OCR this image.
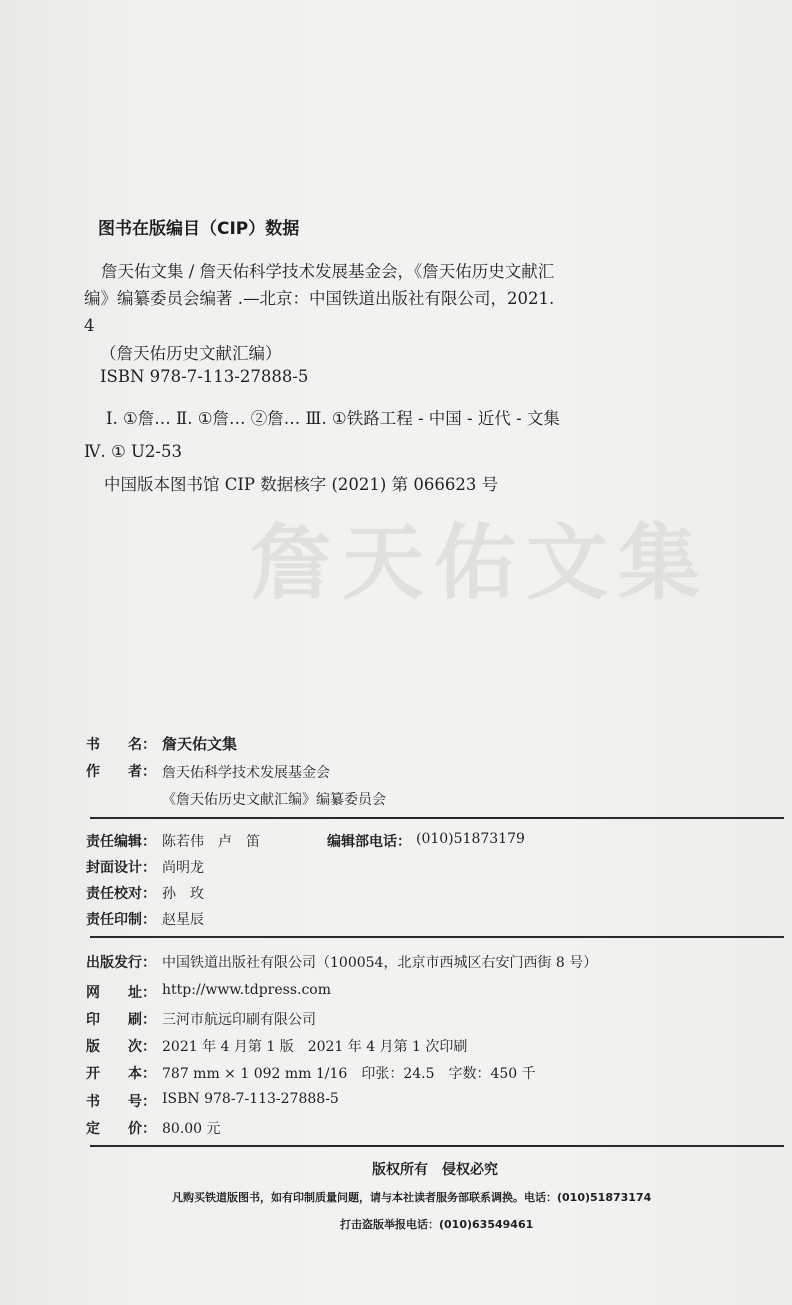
詹天佑文集
图书在版编目（CIP）数据
詹天佑文集 / 詹天佑科学技术发展基金会，《詹天佑历史文献汇编》编纂委员会编著 .—北京：中国铁道出版社有限公司，2021.4
（詹天佑历史文献汇编）
ISBN 978-7-113-27888-5
Ⅰ. ①詹… Ⅱ. ①詹… ②詹… Ⅲ. ①铁路工程 - 中国 - 近代 - 文集 Ⅳ. ① U2-53
中国版本图书馆 CIP 数据核字 (2021) 第 066623 号
书　　名： 詹天佑文集
作　　者： 詹天佑科学技术发展基金会
《詹天佑历史文献汇编》编纂委员会
责任编辑： 陈若伟　卢　笛	编辑部电话： (010)51873179
封面设计： 尚明龙
责任校对： 孙　玫
责任印制： 赵星辰
出版发行： 中国铁道出版社有限公司（100054，北京市西城区右安门西街 8 号）
网　　址： http://www.tdpress.com
印　　刷： 三河市航远印刷有限公司
版　　次： 2021 年 4 月第 1 版　2021 年 4 月第 1 次印刷
开　　本： 787 mm × 1 092 mm 1/16　印张：24.5　字数：450 千
书　　号： ISBN 978-7-113-27888-5
定　　价： 80.00 元
版权所有　侵权必究
凡购买铁道版图书，如有印制质量问题，请与本社读者服务部联系调换。电话：(010)51873174
打击盗版举报电话：(010)63549461
